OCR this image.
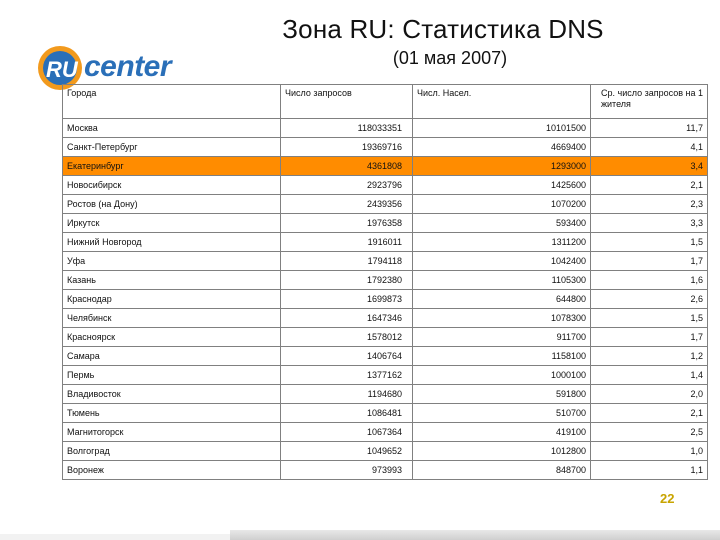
Зона RU: Статистика DNS
(01 мая 2007)
RU center
Города	Число запросов	Числ. Насел.	Ср. число запросов на 1 жителя
Москва	118033351	10101500	11,7
Санкт-Петербург	19369716	4669400	4,1
Екатеринбург	4361808	1293000	3,4
Новосибирск	2923796	1425600	2,1
Ростов (на Дону)	2439356	1070200	2,3
Иркутск	1976358	593400	3,3
Нижний Новгород	1916011	1311200	1,5
Уфа	1794118	1042400	1,7
Казань	1792380	1105300	1,6
Краснодар	1699873	644800	2,6
Челябинск	1647346	1078300	1,5
Красноярск	1578012	911700	1,7
Самара	1406764	1158100	1,2
Пермь	1377162	1000100	1,4
Владивосток	1194680	591800	2,0
Тюмень	1086481	510700	2,1
Магнитогорск	1067364	419100	2,5
Волгоград	1049652	1012800	1,0
Воронеж	973993	848700	1,1
22
